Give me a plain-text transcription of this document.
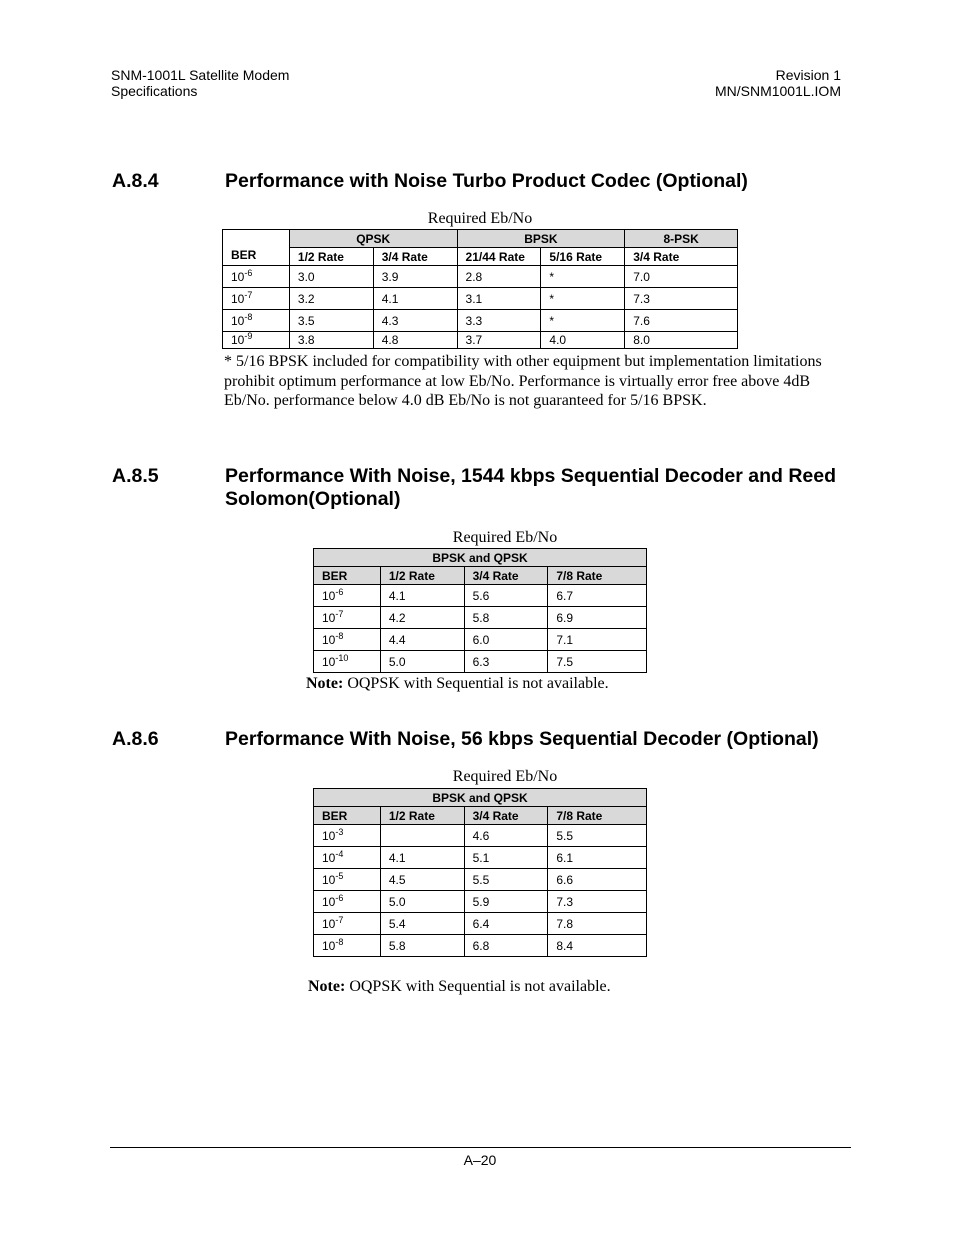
SNM-1001L Satellite Modem
Specifications
Revision 1
MN/SNM1001L.IOM
A.8.4	Performance with Noise Turbo Product Codec (Optional)
Required Eb/No
BER	QPSK		BPSK		8-PSK
	1/2 Rate	3/4 Rate	21/44 Rate	5/16 Rate	3/4 Rate
$10^{-6}$	3.0	3.9	2.8	*	7.0
$10^{-7}$	3.2	4.1	3.1	*	7.3
$10^{-8}$	3.5	4.3	3.3	*	7.6
$10^{-9}$	3.8	4.8	3.7	4.0	8.0
* 5/16 BPSK included for compatibility with other equipment but implementation limitations prohibit optimum performance at low Eb/No. Performance is virtually error free above 4dB Eb/No. performance below 4.0 dB Eb/No is not guaranteed for 5/16 BPSK.
A.8.5	Performance With Noise, 1544 kbps Sequential Decoder and Reed Solomon(Optional)
Required Eb/No
BPSK and QPSK			
BER	1/2 Rate	3/4 Rate	7/8 Rate
$10^{-6}$	4.1	5.6	6.7
$10^{-7}$	4.2	5.8	6.9
$10^{-8}$	4.4	6.0	7.1
$10^{-10}$	5.0	6.3	7.5
Note: OQPSK with Sequential is not available.
A.8.6	Performance With Noise, 56 kbps Sequential Decoder (Optional)
Required Eb/No
BPSK and QPSK			
BER	1/2 Rate	3/4 Rate	7/8 Rate
$10^{-3}$		4.6	5.5
$10^{-4}$	4.1	5.1	6.1
$10^{-5}$	4.5	5.5	6.6
$10^{-6}$	5.0	5.9	7.3
$10^{-7}$	5.4	6.4	7.8
$10^{-8}$	5.8	6.8	8.4
Note: OQPSK with Sequential is not available.
A–20
